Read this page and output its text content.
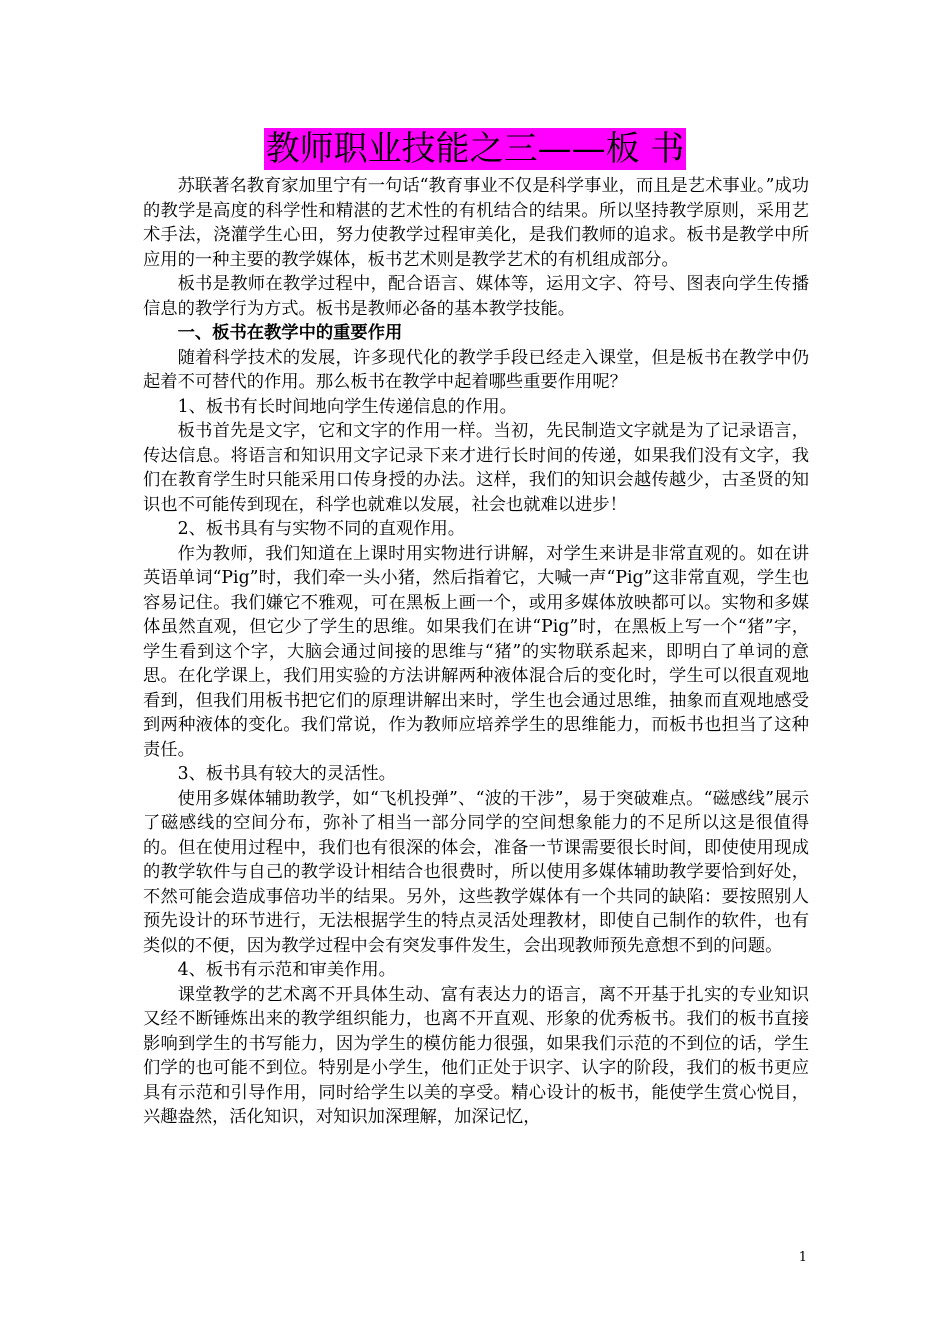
教师职业技能之三——板 书

苏联著名教育家加里宁有一句话“教育事业不仅是科学事业，而且是艺术事业。”成功的教学是高度的科学性和精湛的艺术性的有机结合的结果。所以坚持教学原则，采用艺术手法，浇灌学生心田，努力使教学过程审美化，是我们教师的追求。板书是教学中所应用的一种主要的教学媒体，板书艺术则是教学艺术的有机组成部分。

板书是教师在教学过程中，配合语言、媒体等，运用文字、符号、图表向学生传播信息的教学行为方式。板书是教师必备的基本教学技能。

一、板书在教学中的重要作用

随着科学技术的发展，许多现代化的教学手段已经走入课堂，但是板书在教学中仍起着不可替代的作用。那么板书在教学中起着哪些重要作用呢？

1、板书有长时间地向学生传递信息的作用。

板书首先是文字，它和文字的作用一样。当初，先民制造文字就是为了记录语言，传达信息。将语言和知识用文字记录下来才进行长时间的传递，如果我们没有文字，我们在教育学生时只能采用口传身授的办法。这样，我们的知识会越传越少，古圣贤的知识也不可能传到现在，科学也就难以发展，社会也就难以进步！

2、板书具有与实物不同的直观作用。

作为教师，我们知道在上课时用实物进行讲解，对学生来讲是非常直观的。如在讲英语单词“Pig”时，我们牵一头小猪，然后指着它，大喊一声“Pig”这非常直观，学生也容易记住。我们嫌它不雅观，可在黑板上画一个，或用多媒体放映都可以。实物和多媒体虽然直观，但它少了学生的思维。如果我们在讲“Pig”时，在黑板上写一个“猪”字，学生看到这个字，大脑会通过间接的思维与“猪”的实物联系起来，即明白了单词的意思。在化学课上，我们用实验的方法讲解两种液体混合后的变化时，学生可以很直观地看到，但我们用板书把它们的原理讲解出来时，学生也会通过思维，抽象而直观地感受到两种液体的变化。我们常说，作为教师应培养学生的思维能力，而板书也担当了这种责任。

3、板书具有较大的灵活性。

使用多媒体辅助教学，如“飞机投弹”、“波的干涉”，易于突破难点。“磁感线”展示了磁感线的空间分布，弥补了相当一部分同学的空间想象能力的不足所以这是很值得的。但在使用过程中，我们也有很深的体会，准备一节课需要很长时间，即使使用现成的教学软件与自己的教学设计相结合也很费时，所以使用多媒体辅助教学要恰到好处，不然可能会造成事倍功半的结果。另外，这些教学媒体有一个共同的缺陷：要按照别人预先设计的环节进行，无法根据学生的特点灵活处理教材，即使自己制作的软件，也有类似的不便，因为教学过程中会有突发事件发生，会出现教师预先意想不到的问题。

4、板书有示范和审美作用。

课堂教学的艺术离不开具体生动、富有表达力的语言，离不开基于扎实的专业知识又经不断锤炼出来的教学组织能力，也离不开直观、形象的优秀板书。我们的板书直接影响到学生的书写能力，因为学生的模仿能力很强，如果我们示范的不到位的话，学生们学的也可能不到位。特别是小学生，他们正处于识字、认字的阶段，我们的板书更应具有示范和引导作用，同时给学生以美的享受。精心设计的板书，能使学生赏心悦目，兴趣盎然，活化知识，对知识加深理解，加深记忆，

1
